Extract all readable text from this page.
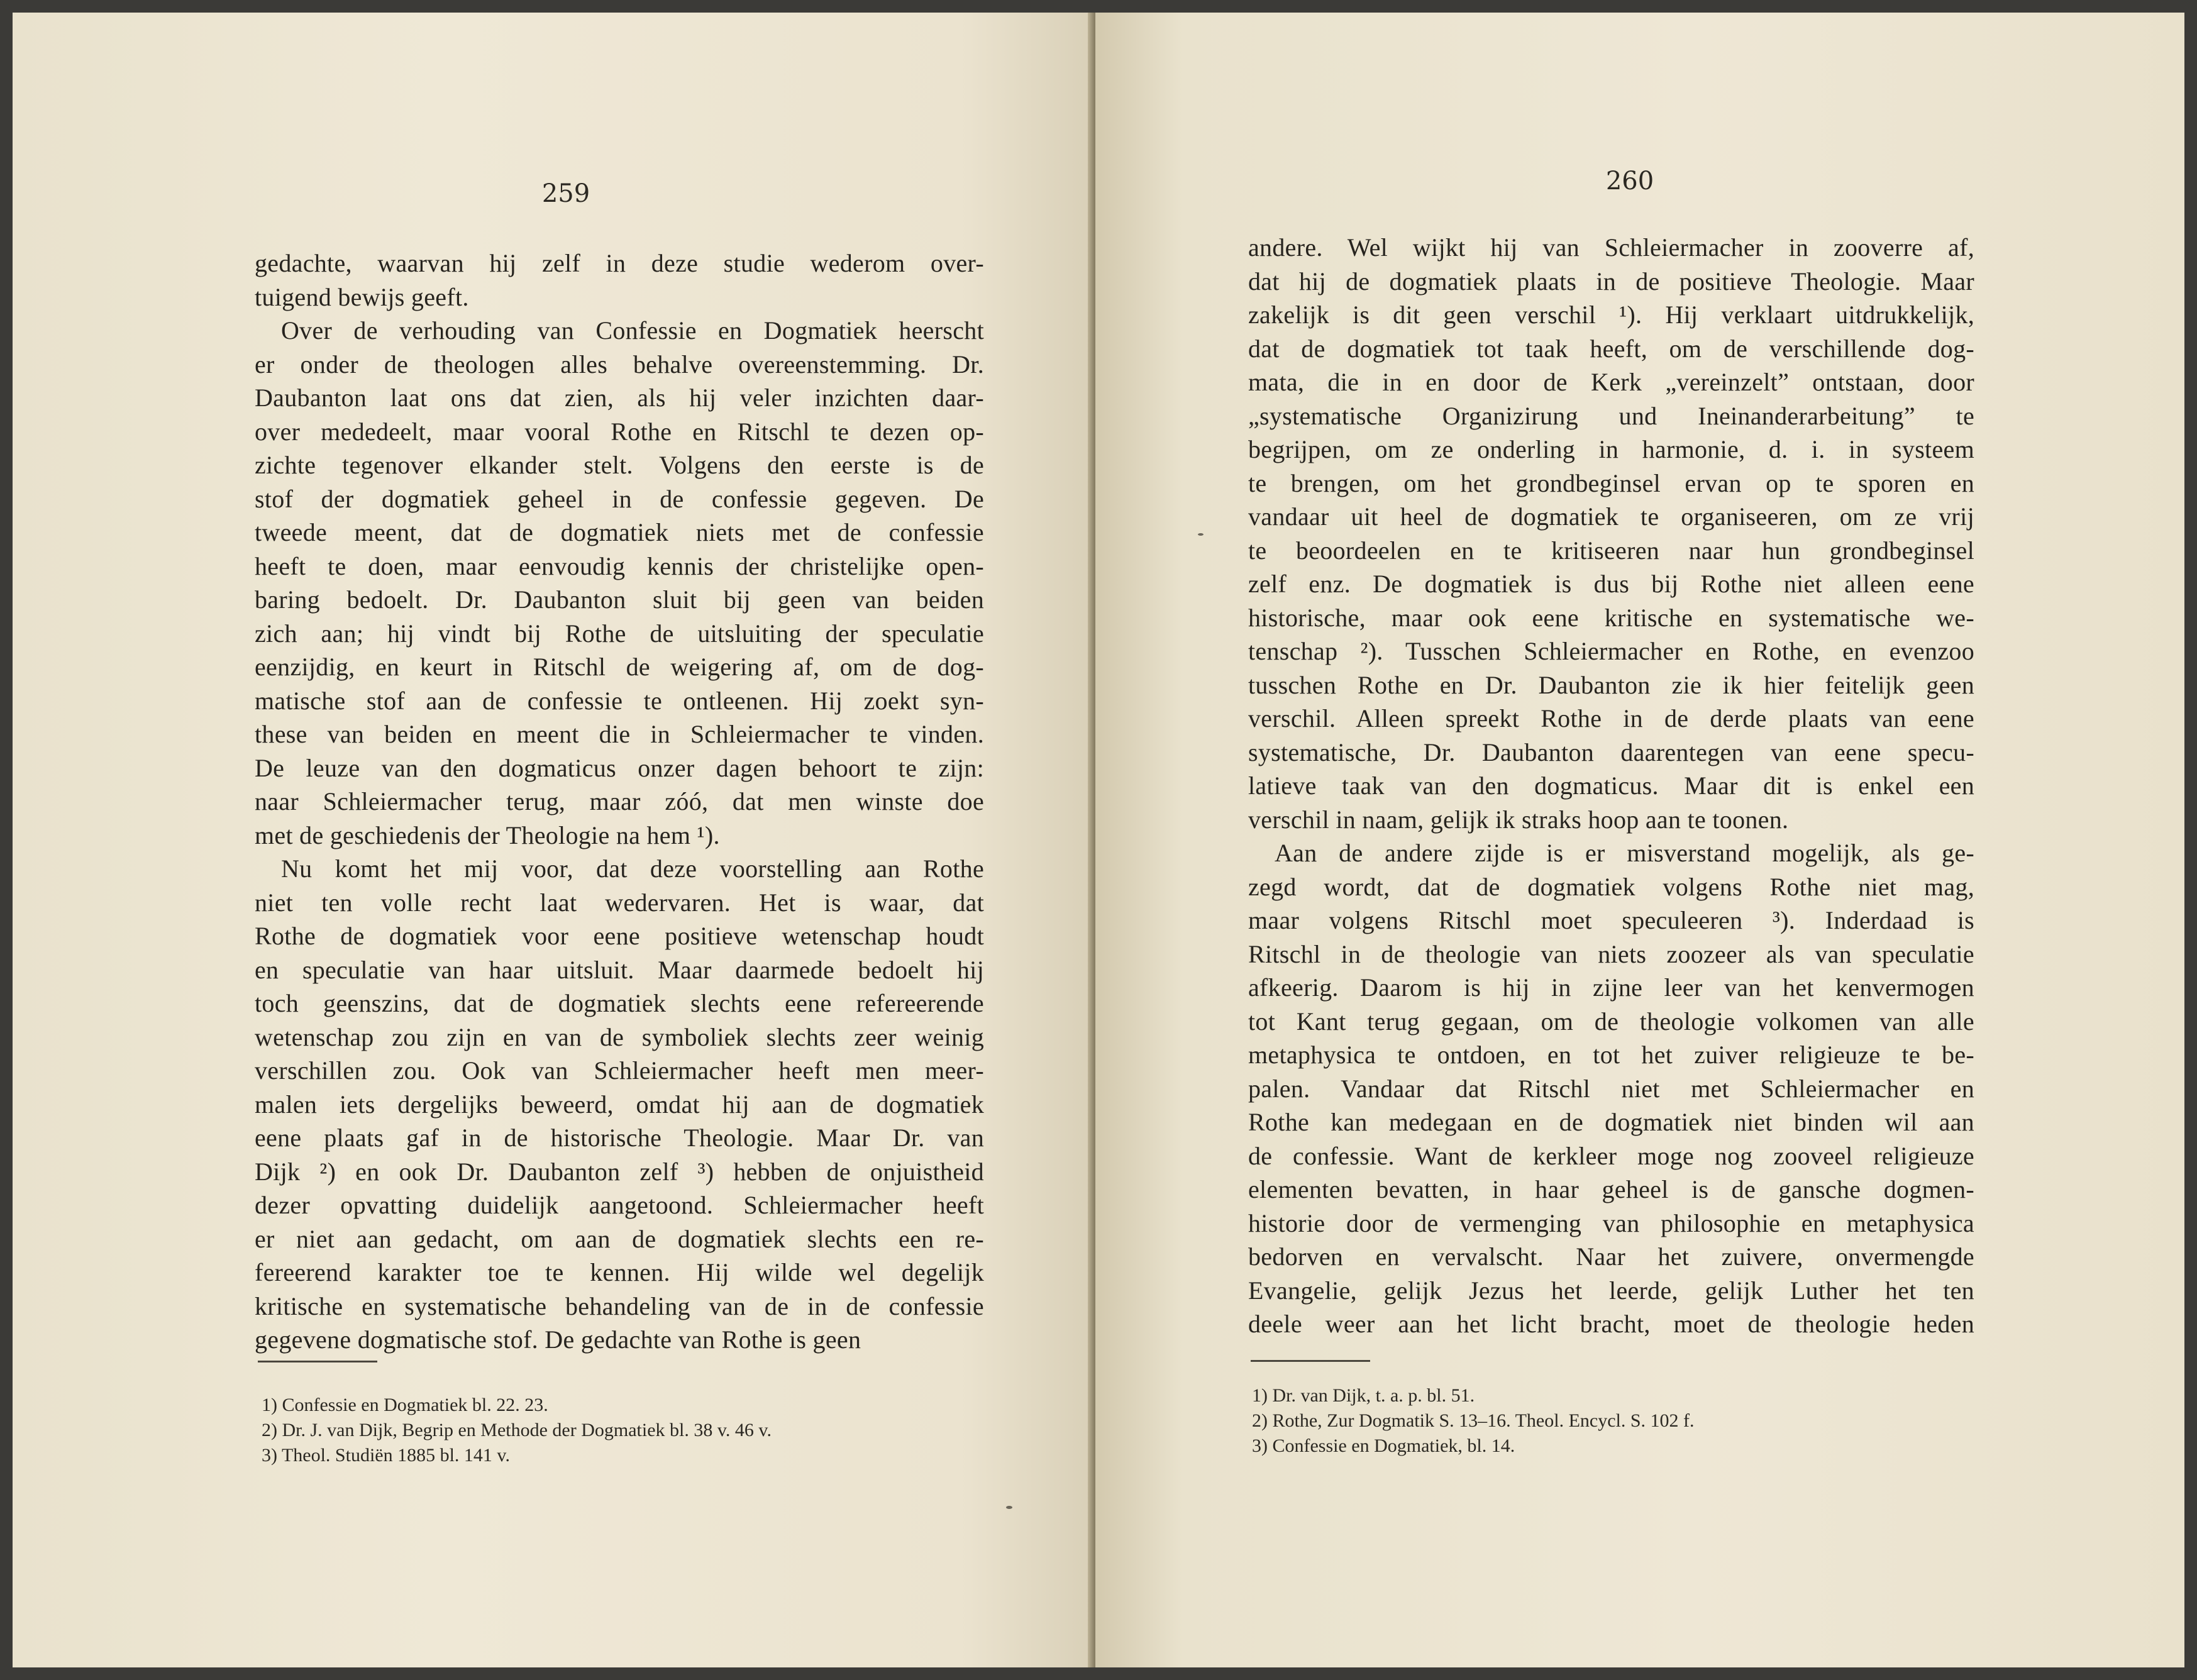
259
gedachte, waarvan hij zelf in deze studie wederom over-
tuigend bewijs geeft.
Over de verhouding van Confessie en Dogmatiek heerscht
er onder de theologen alles behalve overeenstemming. Dr.
Daubanton laat ons dat zien, als hij veler inzichten daar-
over mededeelt, maar vooral Rothe en Ritschl te dezen op-
zichte tegenover elkander stelt. Volgens den eerste is de
stof der dogmatiek geheel in de confessie gegeven. De
tweede meent, dat de dogmatiek niets met de confessie
heeft te doen, maar eenvoudig kennis der christelijke open-
baring bedoelt. Dr. Daubanton sluit bij geen van beiden
zich aan; hij vindt bij Rothe de uitsluiting der speculatie
eenzijdig, en keurt in Ritschl de weigering af, om de dog-
matische stof aan de confessie te ontleenen. Hij zoekt syn-
these van beiden en meent die in Schleiermacher te vinden.
De leuze van den dogmaticus onzer dagen behoort te zijn:
naar Schleiermacher terug, maar zóó, dat men winste doe
met de geschiedenis der Theologie na hem ¹).
Nu komt het mij voor, dat deze voorstelling aan Rothe
niet ten volle recht laat wedervaren. Het is waar, dat
Rothe de dogmatiek voor eene positieve wetenschap houdt
en speculatie van haar uitsluit. Maar daarmede bedoelt hij
toch geenszins, dat de dogmatiek slechts eene refereerende
wetenschap zou zijn en van de symboliek slechts zeer weinig
verschillen zou. Ook van Schleiermacher heeft men meer-
malen iets dergelijks beweerd, omdat hij aan de dogmatiek
eene plaats gaf in de historische Theologie. Maar Dr. van
Dijk ²) en ook Dr. Daubanton zelf ³) hebben de onjuistheid
dezer opvatting duidelijk aangetoond. Schleiermacher heeft
er niet aan gedacht, om aan de dogmatiek slechts een re-
fereerend karakter toe te kennen. Hij wilde wel degelijk
kritische en systematische behandeling van de in de confessie
gegevene dogmatische stof. De gedachte van Rothe is geen
1) Confessie en Dogmatiek bl. 22. 23.
2) Dr. J. van Dijk, Begrip en Methode der Dogmatiek bl. 38 v. 46 v.
3) Theol. Studiën 1885 bl. 141 v.
260
andere. Wel wijkt hij van Schleiermacher in zooverre af,
dat hij de dogmatiek plaats in de positieve Theologie. Maar
zakelijk is dit geen verschil ¹). Hij verklaart uitdrukkelijk,
dat de dogmatiek tot taak heeft, om de verschillende dog-
mata, die in en door de Kerk „vereinzelt” ontstaan, door
„systematische Organizirung und Ineinanderarbeitung” te
begrijpen, om ze onderling in harmonie, d. i. in systeem
te brengen, om het grondbeginsel ervan op te sporen en
vandaar uit heel de dogmatiek te organiseeren, om ze vrij
te beoordeelen en te kritiseeren naar hun grondbeginsel
zelf enz. De dogmatiek is dus bij Rothe niet alleen eene
historische, maar ook eene kritische en systematische we-
tenschap ²). Tusschen Schleiermacher en Rothe, en evenzoo
tusschen Rothe en Dr. Daubanton zie ik hier feitelijk geen
verschil. Alleen spreekt Rothe in de derde plaats van eene
systematische, Dr. Daubanton daarentegen van eene specu-
latieve taak van den dogmaticus. Maar dit is enkel een
verschil in naam, gelijk ik straks hoop aan te toonen.
Aan de andere zijde is er misverstand mogelijk, als ge-
zegd wordt, dat de dogmatiek volgens Rothe niet mag,
maar volgens Ritschl moet speculeeren ³). Inderdaad is
Ritschl in de theologie van niets zoozeer als van speculatie
afkeerig. Daarom is hij in zijne leer van het kenvermogen
tot Kant terug gegaan, om de theologie volkomen van alle
metaphysica te ontdoen, en tot het zuiver religieuze te be-
palen. Vandaar dat Ritschl niet met Schleiermacher en
Rothe kan medegaan en de dogmatiek niet binden wil aan
de confessie. Want de kerkleer moge nog zooveel religieuze
elementen bevatten, in haar geheel is de gansche dogmen-
historie door de vermenging van philosophie en metaphysica
bedorven en vervalscht. Naar het zuivere, onvermengde
Evangelie, gelijk Jezus het leerde, gelijk Luther het ten
deele weer aan het licht bracht, moet de theologie heden
1) Dr. van Dijk, t. a. p. bl. 51.
2) Rothe, Zur Dogmatik S. 13–16. Theol. Encycl. S. 102 f.
3) Confessie en Dogmatiek, bl. 14.
